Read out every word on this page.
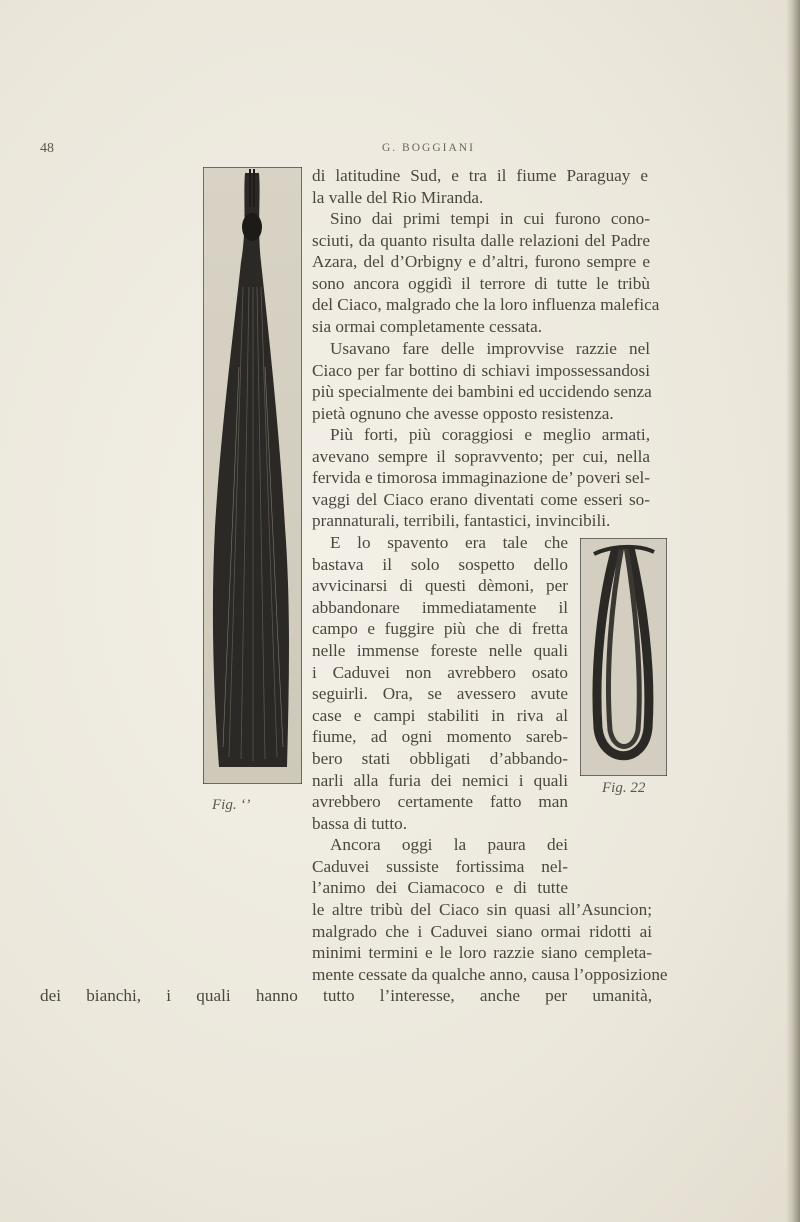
48	G. BOGGIANI
Fig. ‘’
Fig. 22
di latitudine Sud, e tra il fiume Paraguay e
la valle del Rio Miranda.
Sino dai primi tempi in cui furono cono-
sciuti, da quanto risulta dalle relazioni del Padre
Azara, del d’Orbigny e d’altri, furono sempre e
sono ancora oggidì il terrore di tutte le tribù
del Ciaco, malgrado che la loro influenza malefica
sia ormai completamente cessata.
Usavano fare delle improvvise razzie nel
Ciaco per far bottino di schiavi impossessandosi
più specialmente dei bambini ed uccidendo senza
pietà ognuno che avesse opposto resistenza.
Più forti, più coraggiosi e meglio armati,
avevano sempre il sopravvento; per cui, nella
fervida e timorosa immaginazione de’ poveri sel-
vaggi del Ciaco erano diventati come esseri so-
prannaturali, terribili, fantastici, invincibili.
E lo spavento era tale che
bastava il solo sospetto dello
avvicinarsi di questi dèmoni, per
abbandonare immediatamente il
campo e fuggire più che di fretta
nelle immense foreste nelle quali
i Caduvei non avrebbero osato
seguirli. Ora, se avessero avute
case e campi stabiliti in riva al
fiume, ad ogni momento sareb-
bero stati obbligati d’abbando-
narli alla furia dei nemici i quali
avrebbero certamente fatto man
bassa di tutto.
Ancora oggi la paura dei
Caduvei sussiste fortissima nel-
l’animo dei Ciamacoco e di tutte
le altre tribù del Ciaco sin quasi all’Asuncion;
malgrado che i Caduvei siano ormai ridotti ai
minimi termini e le loro razzie siano cempleta-
mente cessate da qualche anno, causa l’opposizione

dei bianchi, i quali hanno tutto l’interesse, anche per umanità,
